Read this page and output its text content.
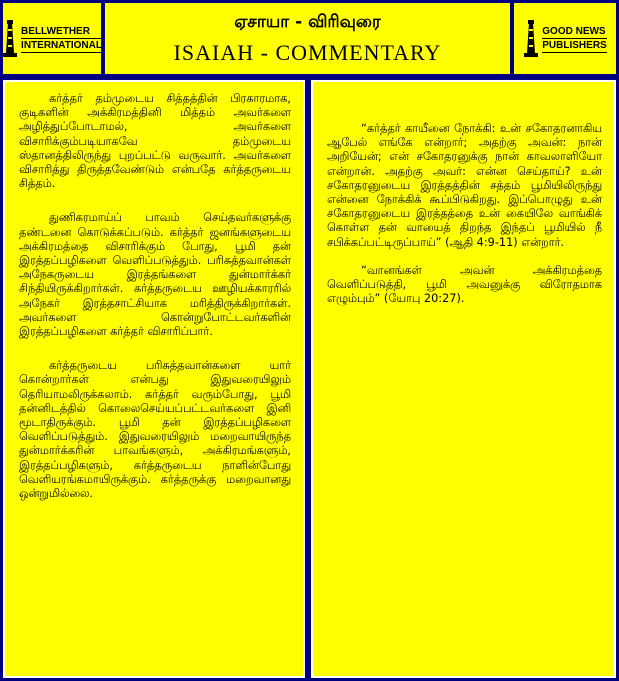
BELLWETHER
INTERNATIONAL
ஏசாயா - விரிவுரை
ISAIAH - COMMENTARY
GOOD NEWS
PUBLISHERS

கர்த்தர் தம்முடைய சித்தத்தின் பிரகாரமாக, குடிகளின் அக்கிரமத்தினி மித்தம் அவர்களை அழித்துப்போடாமல், அவர்களை விசாரிக்கும்படியாகவே தம்முடைய ஸ்தானத்திலிருந்து புறப்பட்டு வருவார். அவர்களை விசாரித்து திருத்தவேண்டும் என்பதே கர்த்தருடைய சித்தம்.

துணிகரமாய்ப் பாவம் செய்தவர்களுக்கு தண்டனை கொடுக்கப்படும். கர்த்தர் ஜனங்களுடைய அக்கிரமத்தை விசாரிக்கும் போது, பூமி தன் இரத்தப்பழிகளை வெளிப்படுத்தும். பரிசுத்தவான்கள் அநேகருடைய இரத்தங்களை துன்மார்க்கர் சிந்தியிருக்கிறார்கள். கர்த்தருடைய ஊழியக்காரரில் அநேகர் இரத்தசாட்சியாக மரித்திருக்கிறார்கள். அவர்களை கொன்றுபோட்டவர்களின் இரத்தப்பழிகளை கர்த்தர் விசாரிப்பார்.

கர்த்தருடைய பரிசுத்தவான்களை யார் கொன்றார்கள் என்பது இதுவரையிலும் தெரியாமலிருக்கலாம். கர்த்தர் வரும்போது, பூமி தன்னிடத்தில் கொலைசெய்யப்பட்டவர்களை இனி மூடாதிருக்கும். பூமி தன் இரத்தப்பழிகளை வெளிப்படுத்தும். இதுவரையிலும் மறைவாயிருந்த துன்மார்க்கரின் பாவங்களும், அக்கிரமங்களும், இரத்தப்பழிகளும், கர்த்தருடைய நாளின்போது வெளியரங்கமாயிருக்கும். கர்த்தருக்கு மறைவானது ஒன்றுமில்லை.

“கர்த்தர் காயீனை நோக்கி: உன் சகோதரனாகிய ஆபேல் எங்கே என்றார்; அதற்கு அவன்: நான் அறியேன்; என் சகோதரனுக்கு நான் காவலாளியோ என்றான். அதற்கு அவர்: என்ன செய்தாய்? உன் சகோதரனுடைய இரத்தத்தின் சத்தம் பூமியிலிருந்து என்னை நோக்கிக் கூப்பிடுகிறது. இப்பொழுது உன் சகோதரனுடைய இரத்தத்தை உன் கையிலே வாங்கிக் கொள்ள தன் வாயைத் திறந்த இந்தப் பூமியில் நீ சபிக்கப்பட்டிருப்பாய்” (ஆதி 4:9-11) என்றார்.

“வானங்கள் அவன் அக்கிரமத்தை வெளிப்படுத்தி, பூமி அவனுக்கு விரோதமாக எழும்பும்” (யோபு 20:27).
